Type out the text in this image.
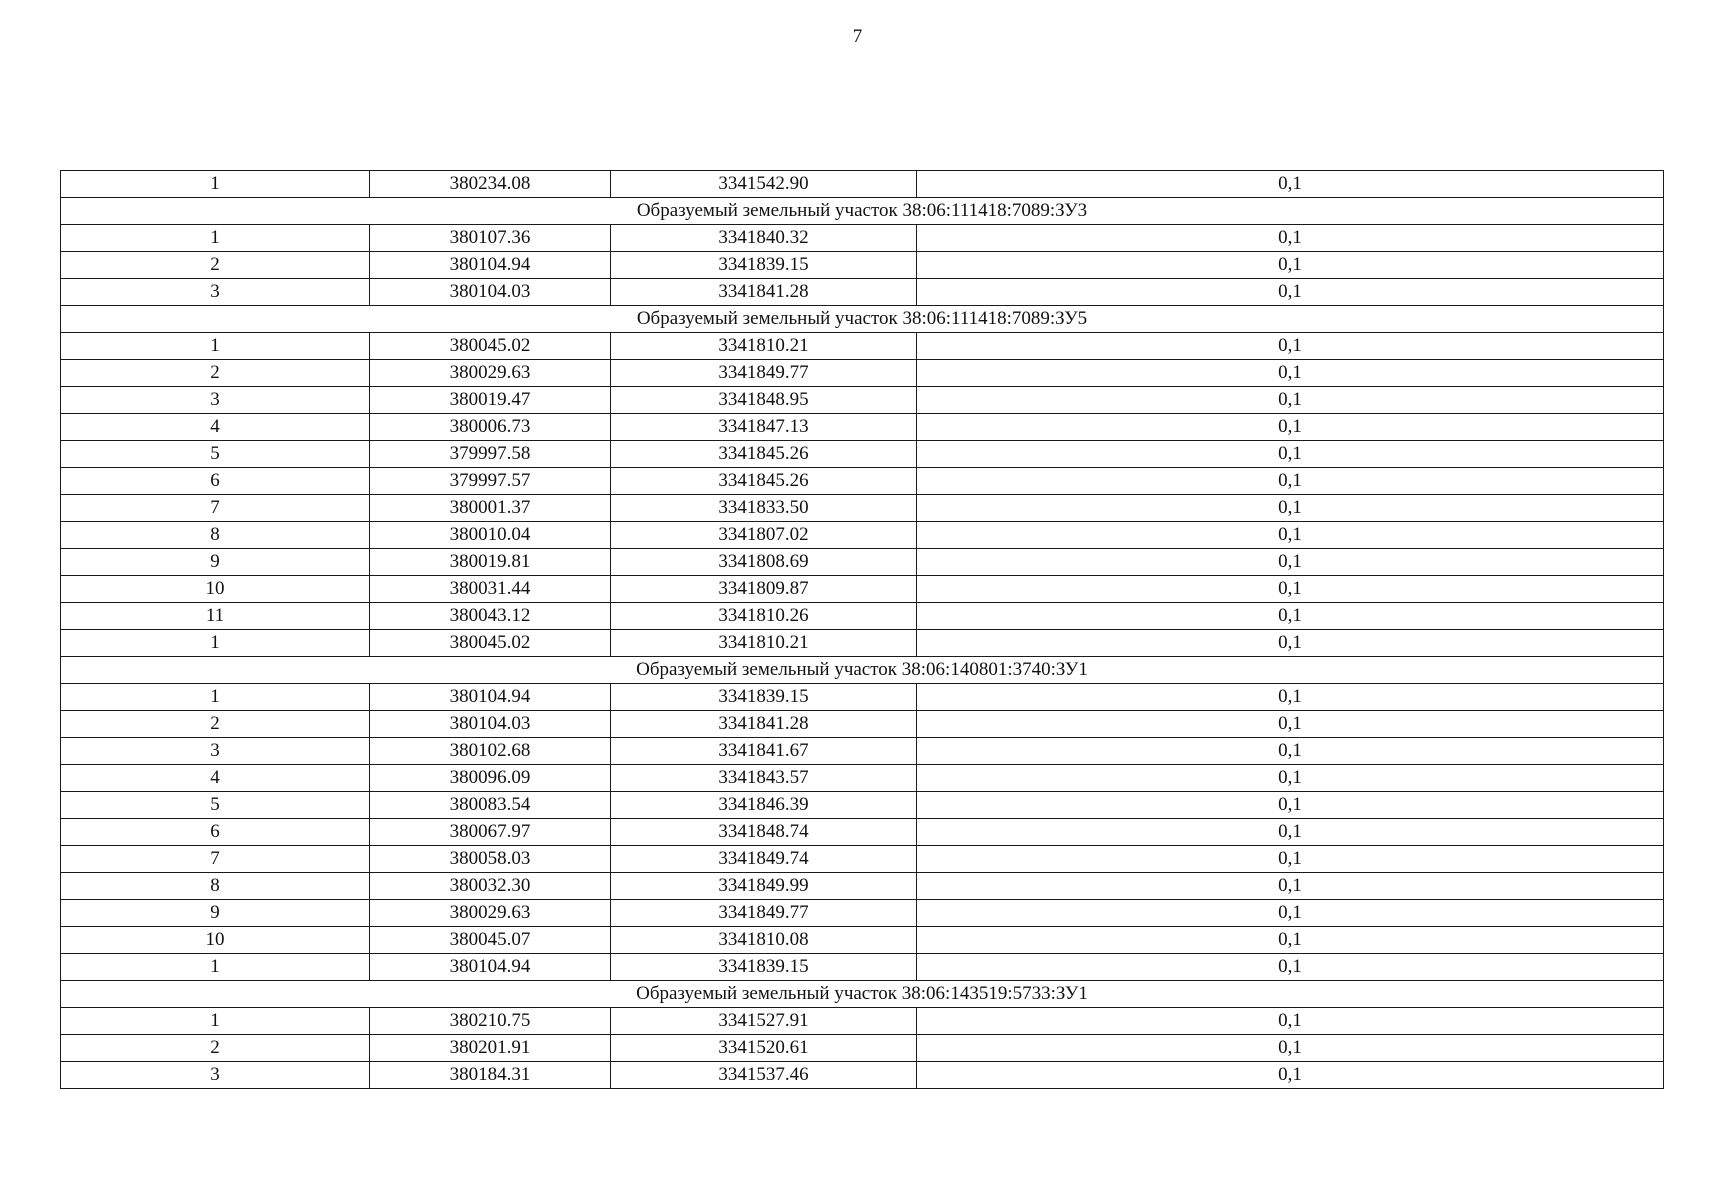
7
1	380234.08	3341542.90	0,1
Образуемый земельный участок 38:06:111418:7089:ЗУ3			
1	380107.36	3341840.32	0,1
2	380104.94	3341839.15	0,1
3	380104.03	3341841.28	0,1
Образуемый земельный участок 38:06:111418:7089:ЗУ5			
1	380045.02	3341810.21	0,1
2	380029.63	3341849.77	0,1
3	380019.47	3341848.95	0,1
4	380006.73	3341847.13	0,1
5	379997.58	3341845.26	0,1
6	379997.57	3341845.26	0,1
7	380001.37	3341833.50	0,1
8	380010.04	3341807.02	0,1
9	380019.81	3341808.69	0,1
10	380031.44	3341809.87	0,1
11	380043.12	3341810.26	0,1
1	380045.02	3341810.21	0,1
Образуемый земельный участок 38:06:140801:3740:ЗУ1			
1	380104.94	3341839.15	0,1
2	380104.03	3341841.28	0,1
3	380102.68	3341841.67	0,1
4	380096.09	3341843.57	0,1
5	380083.54	3341846.39	0,1
6	380067.97	3341848.74	0,1
7	380058.03	3341849.74	0,1
8	380032.30	3341849.99	0,1
9	380029.63	3341849.77	0,1
10	380045.07	3341810.08	0,1
1	380104.94	3341839.15	0,1
Образуемый земельный участок 38:06:143519:5733:ЗУ1			
1	380210.75	3341527.91	0,1
2	380201.91	3341520.61	0,1
3	380184.31	3341537.46	0,1
